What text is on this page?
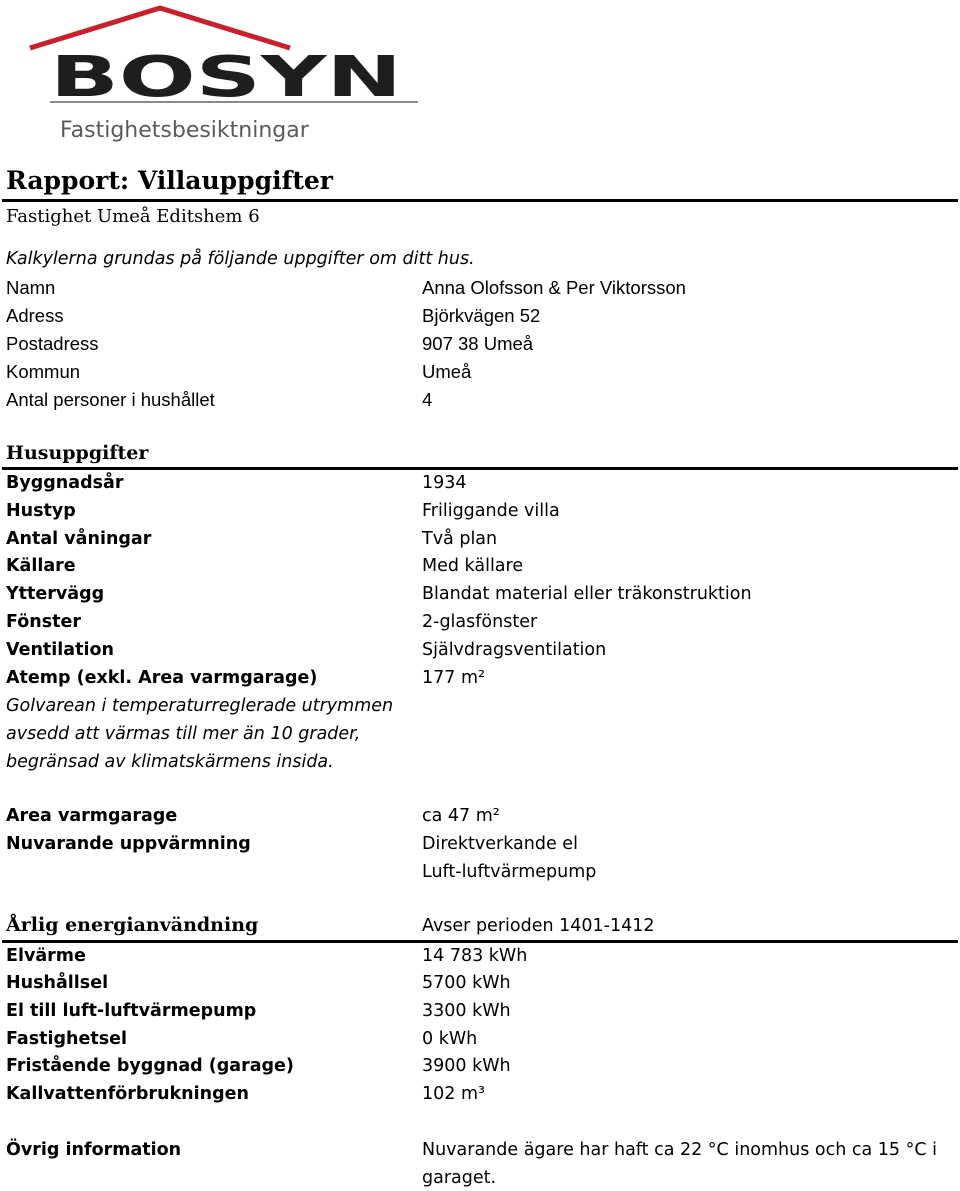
BOSYN
Fastighetsbesiktningar
Rapport: Villauppgifter
Fastighet Umeå Editshem 6
Kalkylerna grundas på följande uppgifter om ditt hus.
Namn	Anna Olofsson & Per Viktorsson
Adress	Björkvägen 52
Postadress	907 38 Umeå
Kommun	Umeå
Antal personer i hushållet	4
Husuppgifter
Byggnadsår	1934
Hustyp	Friliggande villa
Antal våningar	Två plan
Källare	Med källare
Yttervägg	Blandat material eller träkonstruktion
Fönster	2-glasfönster
Ventilation	Självdragsventilation
Atemp (exkl. Area varmgarage)	177 m²
Golvarean i temperaturreglerade utrymmen
avsedd att värmas till mer än 10 grader,
begränsad av klimatskärmens insida.
Area varmgarage	ca 47 m²
Nuvarande uppvärmning	Direktverkande el
Luft-luftvärmepump
Årlig energianvändning	Avser perioden 1401-1412
Elvärme	14 783 kWh
Hushållsel	5700 kWh
El till luft-luftvärmepump	3300 kWh
Fastighetsel	0 kWh
Fristående byggnad (garage)	3900 kWh
Kallvattenförbrukningen	102 m³
Övrig information	Nuvarande ägare har haft ca 22 °C inomhus och ca 15 °C i
garaget.
